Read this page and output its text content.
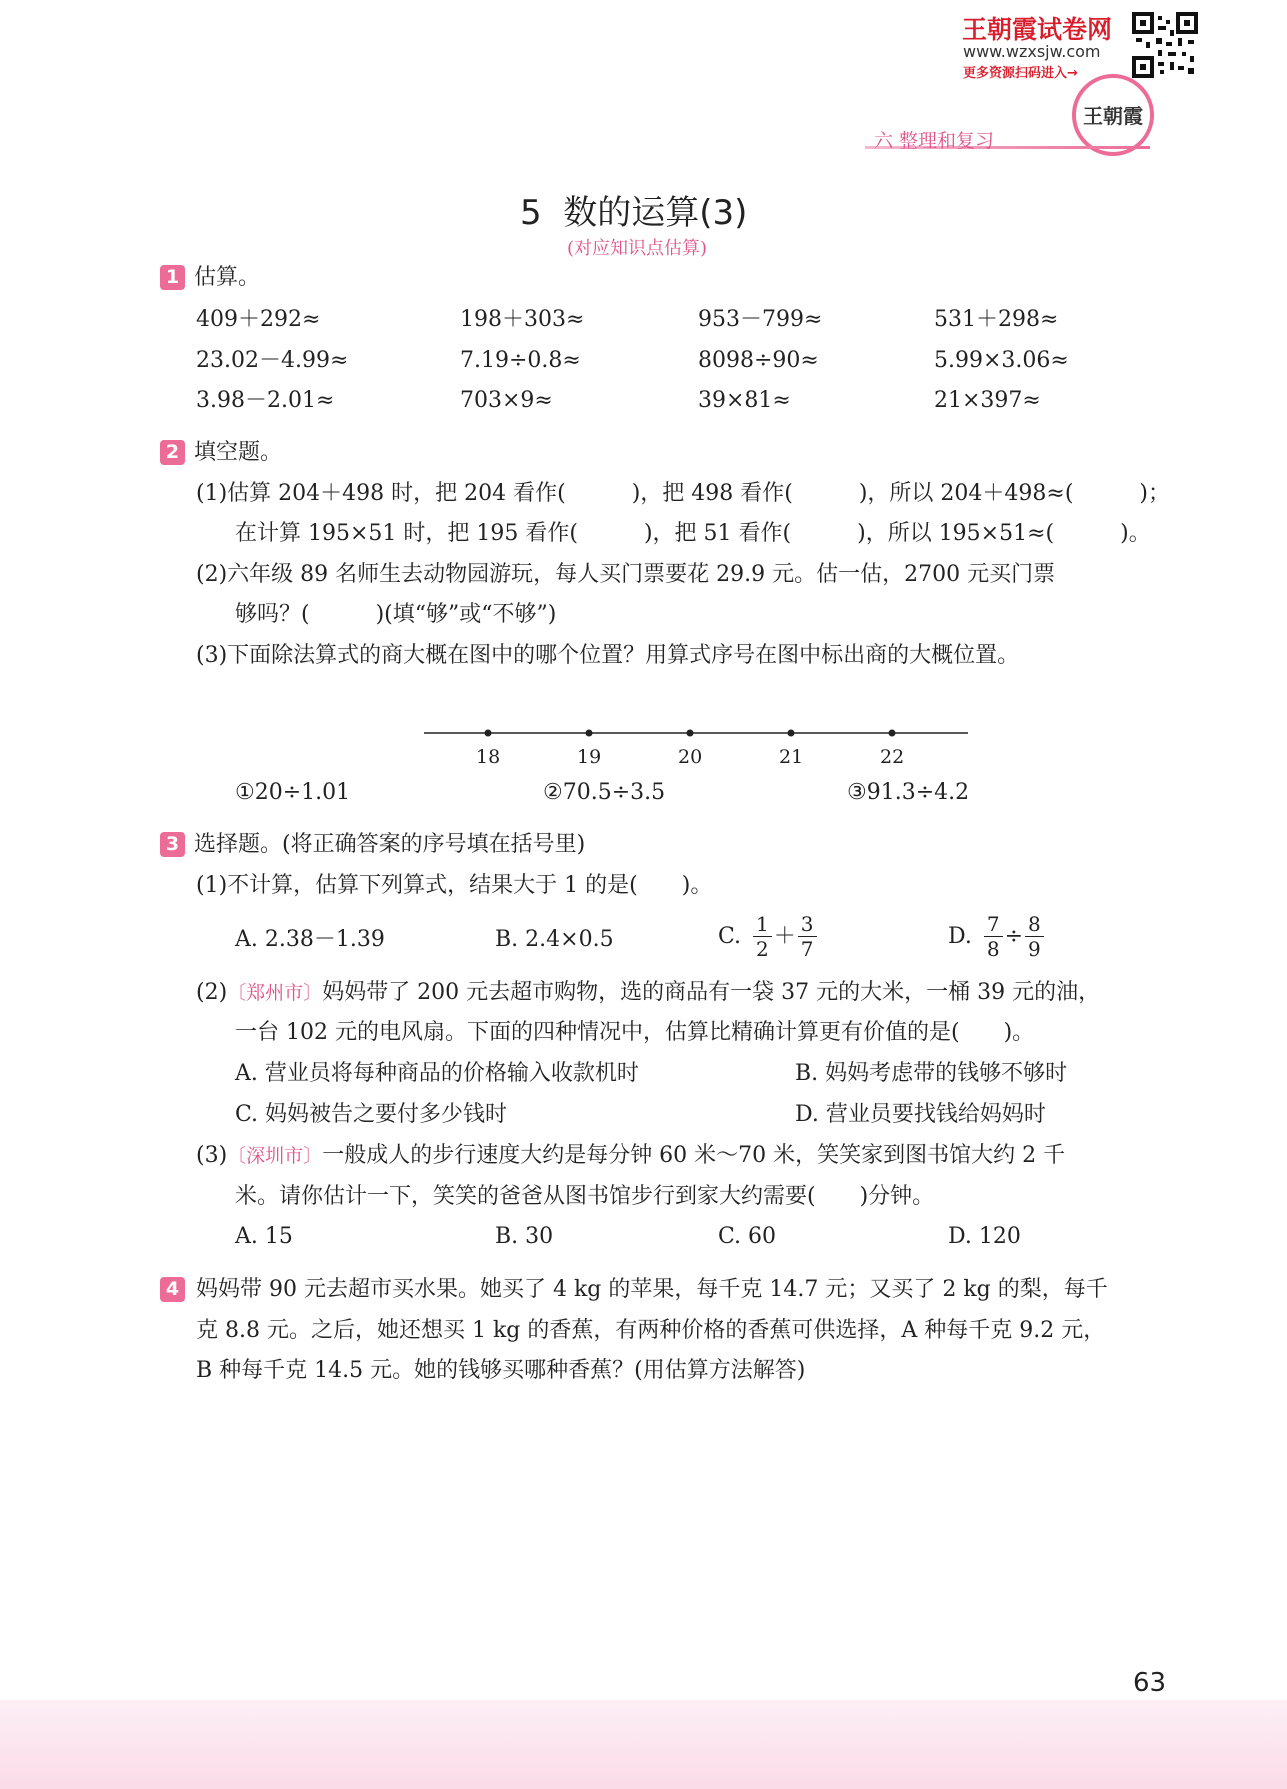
王朝霞试卷网
www.wzxsjw.com
更多资源扫码进入→
王朝霞
六 整理和复习
5  数的运算(3)
(对应知识点估算)
1 估算。
409＋292≈	198＋303≈	953－799≈	531＋298≈
23.02－4.99≈	7.19÷0.8≈	8098÷90≈	5.99×3.06≈
3.98－2.01≈	703×9≈	39×81≈	21×397≈
2 填空题。
(1)估算 204＋498 时，把 204 看作(　　　)，把 498 看作(　　　)，所以 204＋498≈(　　　)；
在计算 195×51 时，把 195 看作(　　　)，把 51 看作(　　　)，所以 195×51≈(　　　)。
(2)六年级 89 名师生去动物园游玩，每人买门票要花 29.9 元。估一估，2700 元买门票
够吗？(　　　)(填“够”或“不够”)
(3)下面除法算式的商大概在图中的哪个位置？用算式序号在图中标出商的大概位置。
18	19	20	21	22
①20÷1.01	②70.5÷3.5	③91.3÷4.2
3 选择题。(将正确答案的序号填在括号里)
(1)不计算，估算下列算式，结果大于 1 的是(　　)。
A. 2.38－1.39	B. 2.4×0.5	C. $\frac{1}{2} + \frac{3}{7}$	D. $\frac{7}{8} \div \frac{8}{9}$
(2)〔郑州市〕妈妈带了 200 元去超市购物，选的商品有一袋 37 元的大米，一桶 39 元的油，
一台 102 元的电风扇。下面的四种情况中，估算比精确计算更有价值的是(　　)。
A. 营业员将每种商品的价格输入收款机时	B. 妈妈考虑带的钱够不够时
C. 妈妈被告之要付多少钱时	D. 营业员要找钱给妈妈时
(3)〔深圳市〕一般成人的步行速度大约是每分钟 60 米～70 米，笑笑家到图书馆大约 2 千
米。请你估计一下，笑笑的爸爸从图书馆步行到家大约需要(　　)分钟。
A. 15	B. 30	C. 60	D. 120
4 妈妈带 90 元去超市买水果。她买了 4 kg 的苹果，每千克 14.7 元；又买了 2 kg 的梨，每千
克 8.8 元。之后，她还想买 1 kg 的香蕉，有两种价格的香蕉可供选择，A 种每千克 9.2 元，
B 种每千克 14.5 元。她的钱够买哪种香蕉？(用估算方法解答)
63
